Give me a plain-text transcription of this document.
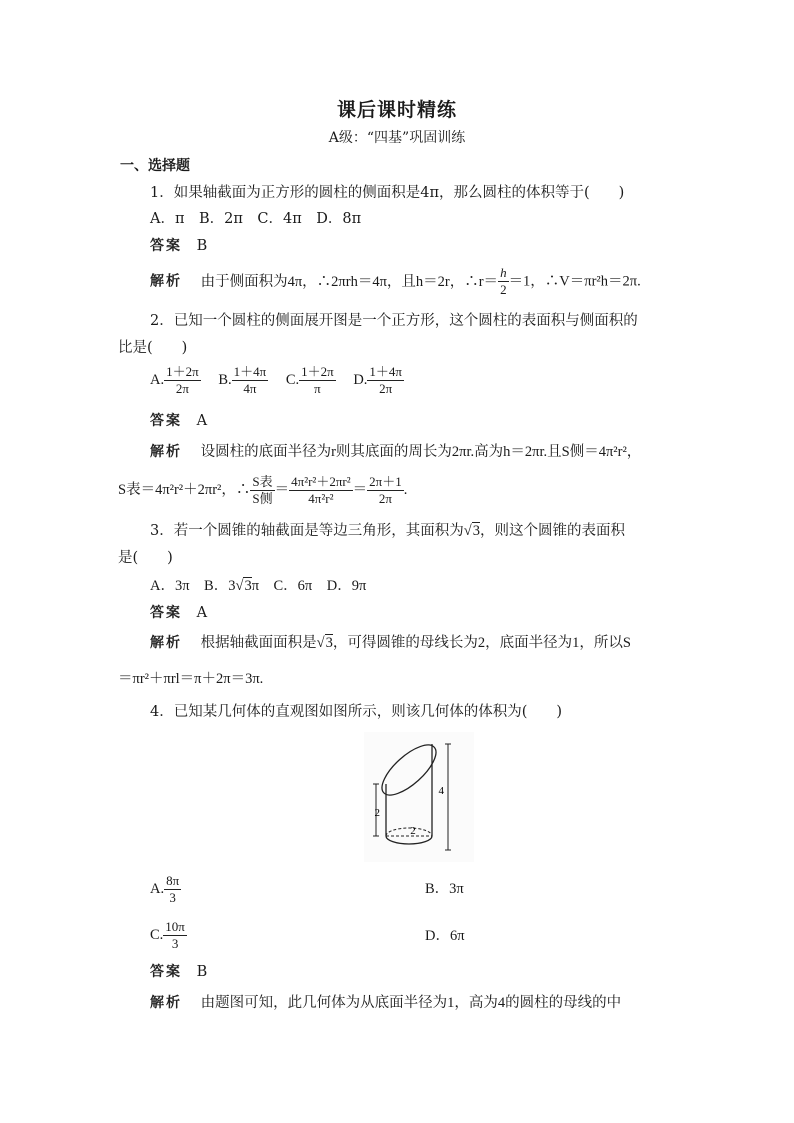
课后课时精练
A级：“四基”巩固训练
一、选择题
1．如果轴截面为正方形的圆柱的侧面积是4π，那么圆柱的体积等于(　　)
A．π　B．2π　C．4π　D．8π
答案 B
解析 由于侧面积为4π，∴2πrh＝4π，且h＝2r，∴r＝ $\frac{h}{2} =1$，∴V＝πr²h＝2π.
2．已知一个圆柱的侧面展开图是一个正方形，这个圆柱的表面积与侧面积的
比是(　　)
A. $\frac{1+2\pi}{2\pi} B$. $\frac{1+4\pi}{4\pi} C$. $\frac{1+2\pi}{\pi} D$. $\frac{1+4\pi}{2\pi}$
答案 A
解析 设圆柱的底面半径为r则其底面的周长为2πr.高为h＝2πr.且S侧＝4π²r²，
S表＝4π²r²＋2πr²，∴ $\frac{\text{S表}}{\text{S侧}} = \frac{\text{4π²r²＋2πr²}}{\text{4π²r²}} = \frac{2\pi+1}{2\pi}$ .
3．若一个圆锥的轴截面是等边三角形，其面积为√3，则这个圆锥的表面积
是(　　)
A．3π　B．3√3π　C．6π　D．9π
答案 A
解析 根据轴截面面积是√3，可得圆锥的母线长为2，底面半径为1，所以S
＝πr²＋πrl＝π＋2π＝3π.
4．已知某几何体的直观图如图所示，则该几何体的体积为(　　)
2
2
4
A. $\frac{8\pi}{3}$	B．3π
C. $\frac{10\pi}{3}$	D．6π
答案 B
解析 由题图可知，此几何体为从底面半径为1，高为4的圆柱的母线的中
